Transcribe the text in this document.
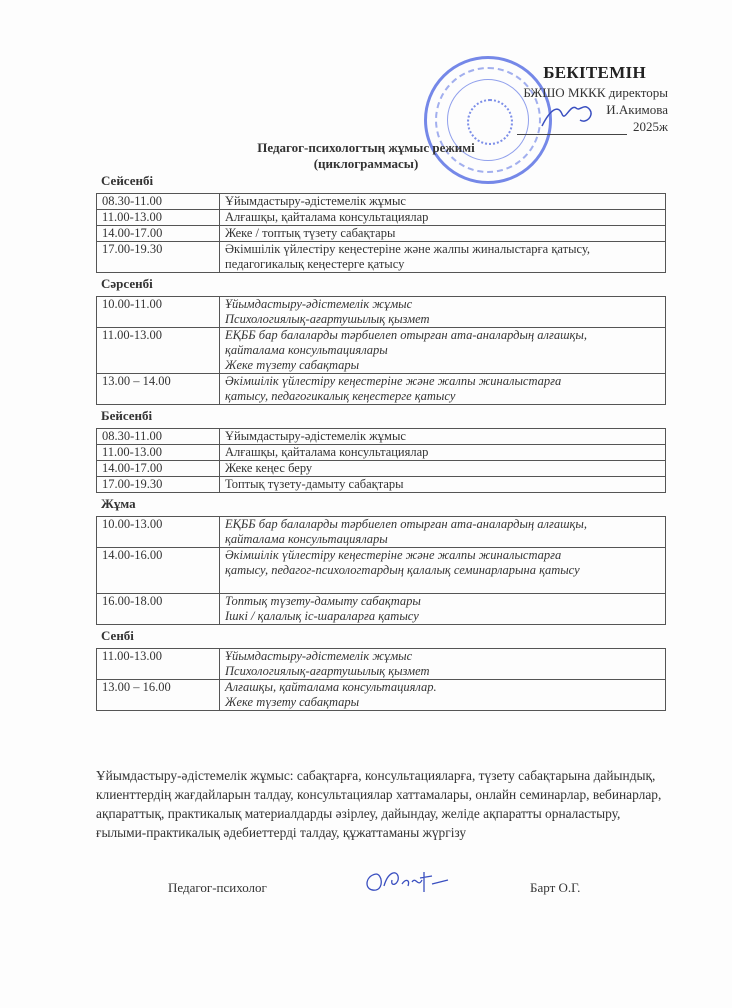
БЕКІТЕМІН
БЖШО МККК директоры
И.Акимова
2025ж
Педагог-психологтың жұмыс режимі
(циклограммасы)
Сейсенбі
08.30-11.00	Ұйымдастыру-әдістемелік жұмыс

11.00-13.00	Алғашқы, қайталама консультациялар

14.00-17.00	Жеке / топтық түзету сабақтары

17.00-19.30	Әкімшілік үйлестіру кеңестеріне және жалпы жиналыстарға қатысу,
педагогикалық кеңестерге қатысу
Сәрсенбі
10.00-11.00	Ұйымдастыру-әдістемелік жұмыс
Психологиялық-ағартушылық қызмет

11.00-13.00	ЕҚББ бар балаларды тәрбиелеп отырған ата-аналардың алғашқы,
қайталама консультациялары
Жеке түзету сабақтары

13.00 – 14.00	Әкімшілік үйлестіру кеңестеріне және жалпы жиналыстарға
қатысу, педагогикалық кеңестерге қатысу
Бейсенбі
08.30-11.00	Ұйымдастыру-әдістемелік жұмыс

11.00-13.00	Алғашқы, қайталама консультациялар

14.00-17.00	Жеке кеңес беру

17.00-19.30	Топтық түзету-дамыту сабақтары
Жұма
10.00-13.00	ЕҚББ бар балаларды тәрбиелеп отырған ата-аналардың алғашқы,
қайталама консультациялары

14.00-16.00	Әкімшілік үйлестіру кеңестеріне және жалпы жиналыстарға
қатысу, педагог-психологтардың қалалық семинарларына қатысу

16.00-18.00	Топтық түзету-дамыту сабақтары
Ішкі / қалалық іс-шараларға қатысу
Сенбі
11.00-13.00	Ұйымдастыру-әдістемелік жұмыс
Психологиялық-ағартушылық қызмет

13.00 – 16.00	Алғашқы, қайталама консультациялар.
Жеке түзету сабақтары
Ұйымдастыру-әдістемелік жұмыс: сабақтарға, консультацияларға, түзету сабақтарына дайындық, клиенттердің жағдайларын талдау, консультациялар хаттамалары, онлайн семинарлар, вебинарлар, ақпараттық, практикалық материалдарды әзірлеу, дайындау, желіде ақпаратты орналастыру, ғылыми-практикалық әдебиеттерді талдау, құжаттаманы жүргізу
Педагог-психолог	Барт О.Г.
